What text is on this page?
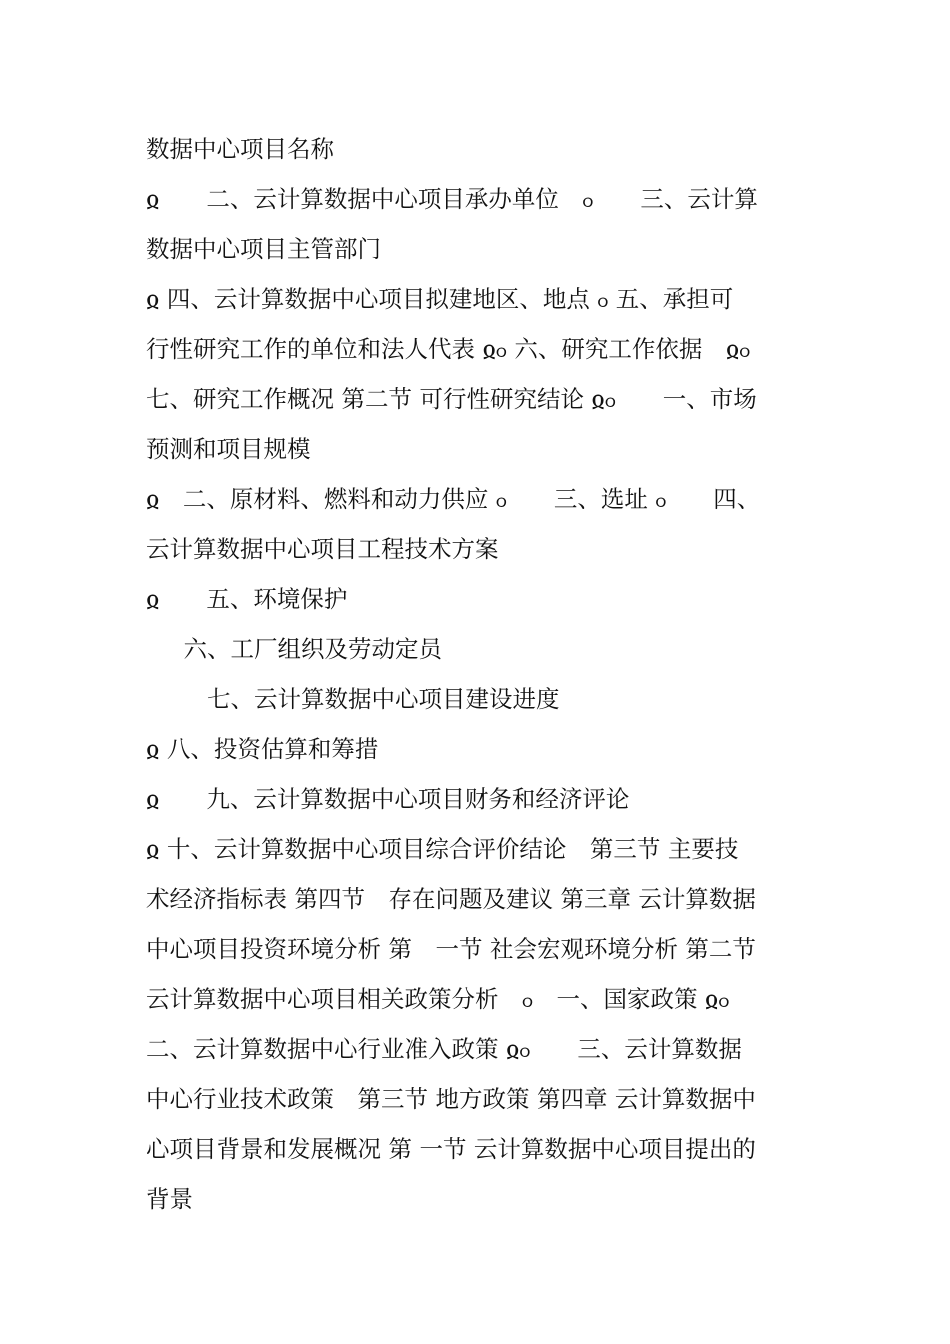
数据中心项目名称
ჲ　　二、云计算数据中心项目承办单位　ჿ　　三、云计算
数据中心项目主管部门
ჲ 四、云计算数据中心项目拟建地区、地点 ჿ 五、承担可
行性研究工作的单位和法人代表 ჲჿ 六、研究工作依据　ჲჿ
七、研究工作概况 第二节 可行性研究结论 ჲჿ　　一、市场
预测和项目规模
ჲ　二、原材料、燃料和动力供应 ჿ　　三、选址 ჿ　　四、
云计算数据中心项目工程技术方案
ჲ　　五、环境保护
　六、工厂组织及劳动定员
　　七、云计算数据中心项目建设进度
ჲ 八、投资估算和筹措
ჲ　　九、云计算数据中心项目财务和经济评论
ჲ 十、云计算数据中心项目综合评价结论　第三节 主要技
术经济指标表 第四节　存在问题及建议 第三章 云计算数据
中心项目投资环境分析 第　一节 社会宏观环境分析 第二节
云计算数据中心项目相关政策分析　ჿ　一、国家政策 ჲჿ
二、云计算数据中心行业准入政策 ჲჿ　　三、云计算数据
中心行业技术政策　第三节 地方政策 第四章 云计算数据中
心项目背景和发展概况 第 一节 云计算数据中心项目提出的
背景
